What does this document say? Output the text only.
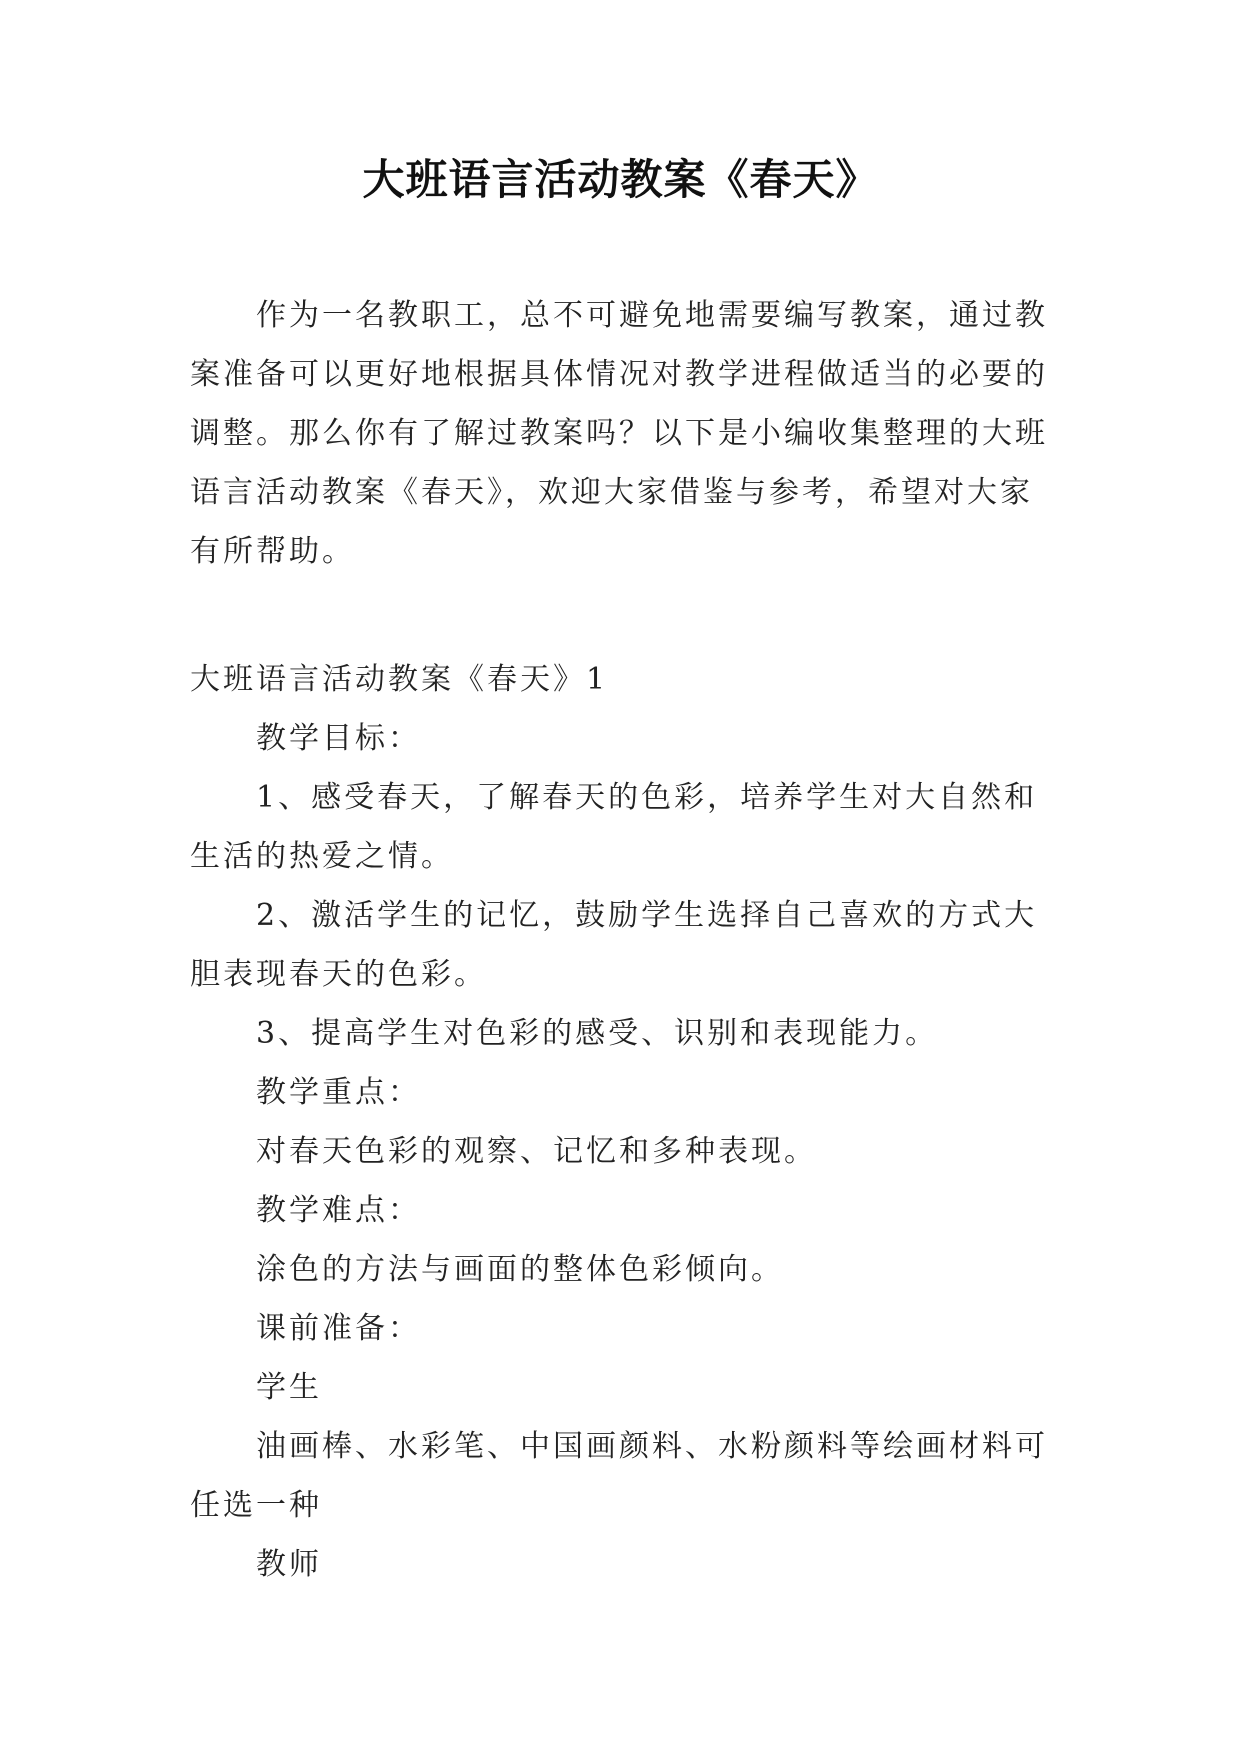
大班语言活动教案《春天》

作为一名教职工，总不可避免地需要编写教案，通过教案准备可以更好地根据具体情况对教学进程做适当的必要的调整。那么你有了解过教案吗？以下是小编收集整理的大班语言活动教案《春天》，欢迎大家借鉴与参考，希望对大家有所帮助。

大班语言活动教案《春天》1

教学目标：

1、感受春天，了解春天的色彩，培养学生对大自然和生活的热爱之情。

2、激活学生的记忆，鼓励学生选择自己喜欢的方式大胆表现春天的色彩。

3、提高学生对色彩的感受、识别和表现能力。

教学重点：

对春天色彩的观察、记忆和多种表现。

教学难点：

涂色的方法与画面的整体色彩倾向。

课前准备：

学生

油画棒、水彩笔、中国画颜料、水粉颜料等绘画材料可任选一种

教师
